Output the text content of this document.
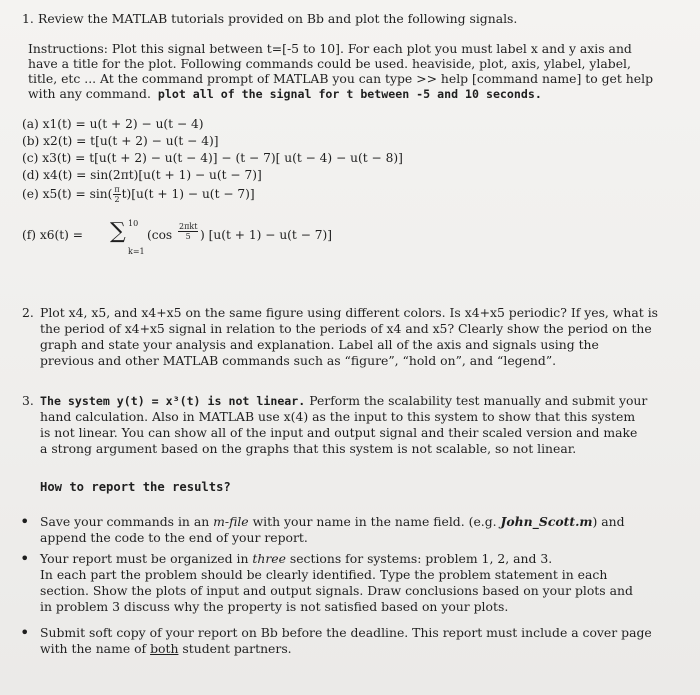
1. Review the MATLAB tutorials provided on Bb and plot the following signals.
Instructions: Plot this signal between t=[-5 to 10]. For each plot you must label x and y axis and
have a title for the plot. Following commands could be used. heaviside, plot, axis, ylabel, ylabel,
title, etc ... At the command prompt of MATLAB you can type >> help [command name] to get help
with any command. plot all of the signal for t between -5 and 10 seconds.
(a) x1(t) = u(t + 2) − u(t − 4)
(b) x2(t) = t[u(t + 2) − u(t − 4)]
(c) x3(t) = t[u(t + 2) − u(t − 4)] − (t − 7)[ u(t − 4) − u(t − 8)]
(d) x4(t) = sin(2πt)[u(t + 1) − u(t − 7)]
(e) $x5(t) = \sin( \frac{\pi}{2} t)[u(t + 1) - u(t - 7)]$
(f) x6(t) =
10
∑
k=1
(cos
2πkt
5 ) [u(t + 1) − u(t − 7)]
2. Plot x4, x5, and x4+x5 on the same figure using different colors. Is x4+x5 periodic? If yes, what is
the period of x4+x5 signal in relation to the periods of x4 and x5? Clearly show the period on the
graph and state your analysis and explanation. Label all of the axis and signals using the
previous and other MATLAB commands such as “figure”, “hold on”, and “legend”.
3. The system y(t) = x³(t) is not linear. Perform the scalability test manually and submit your
hand calculation. Also in MATLAB use x(4) as the input to this system to show that this system
is not linear. You can show all of the input and output signal and their scaled version and make
a strong argument based on the graphs that this system is not scalable, so not linear.
How to report the results?
• Save your commands in an m-file with your name in the name field. (e.g. John_Scott.m) and
append the code to the end of your report.
• Your report must be organized in three sections for systems: problem 1, 2, and 3.
In each part the problem should be clearly identified. Type the problem statement in each
section. Show the plots of input and output signals. Draw conclusions based on your plots and
in problem 3 discuss why the property is not satisfied based on your plots.
• Submit soft copy of your report on Bb before the deadline. This report must include a cover page
with the name of both student partners.
